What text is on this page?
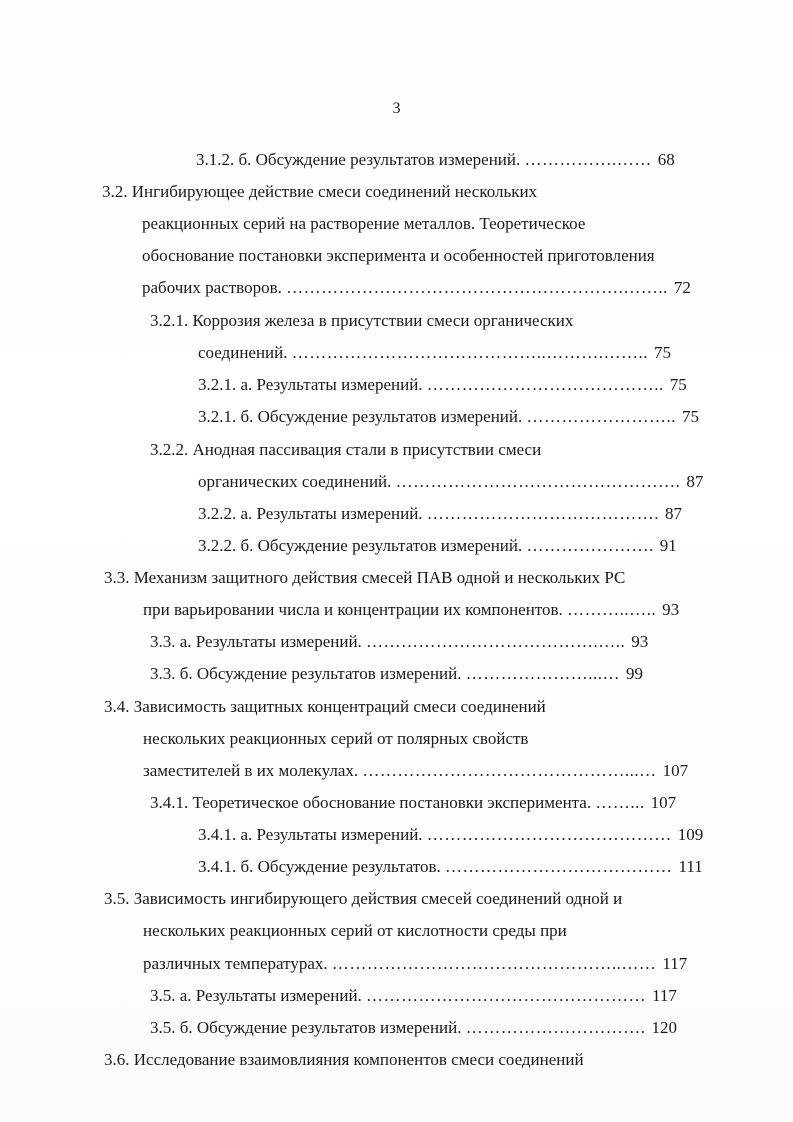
3
3.1.2. б. Обсуждение результатов измерений. …………….…… 68
3.2. Ингибирующее действие смеси соединений нескольких
реакционных серий на растворение металлов. Теоретическое
обоснование постановки эксперимента и особенностей приготовления
рабочих растворов. ………………………………………………….…….. 72
3.2.1. Коррозия железа в присутствии смеси органических
соединений. ……………………………………..……….…….. 75
3.2.1. а. Результаты измерений. ………………………………….. 75
3.2.1. б. Обсуждение результатов измерений. …………………….. 75
3.2.2. Анодная пассивация стали в присутствии смеси
органических соединений. …………………………………………. 87
3.2.2. а. Результаты измерений. …………………………………. 87
3.2.2. б. Обсуждение результатов измерений. …………………. 91
3.3. Механизм защитного действия смесей ПАВ одной и нескольких РС
при варьировании числа и концентрации их компонентов. ………..….. 93
3.3. а. Результаты измерений. ………………………………….….. 93
3.3. б. Обсуждение результатов измерений. …………………...… 99
3.4. Зависимость защитных концентраций смеси соединений
нескольких реакционных серий от полярных свойств
заместителей в их молекулах. ………………………………………...… 107
3.4.1. Теоретическое обоснование постановки эксперимента. ……... 107
3.4.1. а. Результаты измерений. …………………………………… 109
3.4.1. б. Обсуждение результатов. ………………………………… 111
3.5. Зависимость ингибирующего действия смесей соединений одной и
нескольких реакционных серий от кислотности среды при
различных температурах. …………………………………………..…… 117
3.5. а. Результаты измерений. ………………………………………… 117
3.5. б. Обсуждение результатов измерений. …………………………. 120
3.6. Исследование взаимовлияния компонентов смеси соединений
